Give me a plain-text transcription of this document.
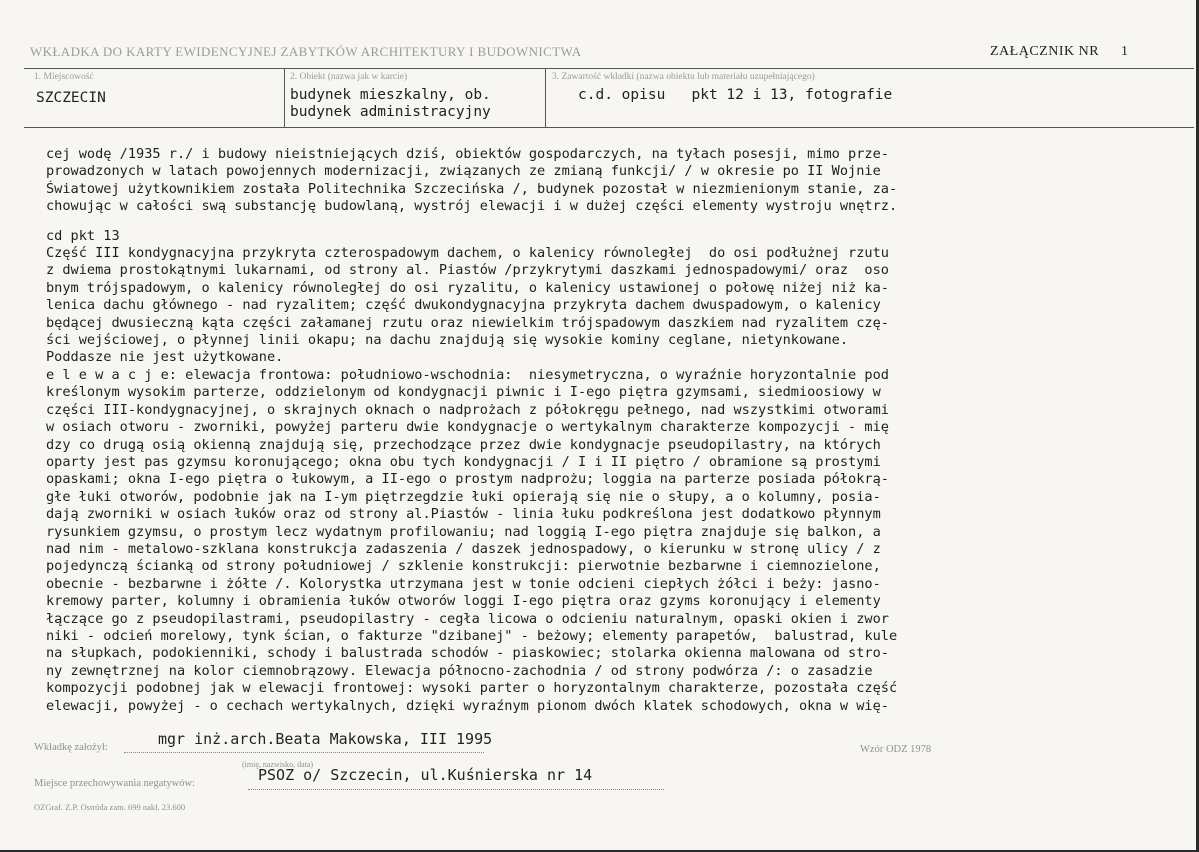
WKŁADKA DO KARTY EWIDENCYJNEJ ZABYTKÓW ARCHITEKTURY I BUDOWNICTWA	ZAŁĄCZNIK NR 1
1. Miejscowość
SZCZECIN
2. Obiekt (nazwa jak w karcie)
budynek mieszkalny, ob.
budynek administracyjny
3. Zawartość wkładki (nazwa obiektu lub materiału uzupełniającego)
c.d. opisu   pkt 12 i 13, fotografie

cej wodę /1935 r./ i budowy nieistniejących dziś, obiektów gospodarczych, na tyłach posesji, mimo prze-

prowadzonych w latach powojennych modernizacji, związanych ze zmianą funkcji/ / w okresie po II Wojnie

Światowej użytkownikiem została Politechnika Szczecińska /, budynek pozostał w niezmienionym stanie, za-

chowując w całości swą substancję budowlaną, wystrój elewacji i w dużej części elementy wystroju wnętrz.

cd pkt 13

Część III kondygnacyjna przykryta czterospadowym dachem, o kalenicy równoległej  do osi podłużnej rzutu

z dwiema prostokątnymi lukarnami, od strony al. Piastów /przykrytymi daszkami jednospadowymi/ oraz  oso

bnym trójspadowym, o kalenicy równoległej do osi ryzalitu, o kalenicy ustawionej o połowę niżej niż ka-

lenica dachu głównego - nad ryzalitem; część dwukondygnacyjna przykryta dachem dwuspadowym, o kalenicy

będącej dwusieczną kąta części załamanej rzutu oraz niewielkim trójspadowym daszkiem nad ryzalitem czę-

ści wejściowej, o płynnej linii okapu; na dachu znajdują się wysokie kominy ceglane, nietynkowane.

Poddasze nie jest użytkowane.

e l e w a c j e: elewacja frontowa: południowo-wschodnia:  niesymetryczna, o wyraźnie horyzontalnie pod

kreślonym wysokim parterze, oddzielonym od kondygnacji piwnic i I-ego piętra gzymsami, siedmioosiowy w

części III-kondygnacyjnej, o skrajnych oknach o nadprożach z półokręgu pełnego, nad wszystkimi otworami

w osiach otworu - zworniki, powyżej parteru dwie kondygnacje o wertykalnym charakterze kompozycji - mię

dzy co drugą osią okienną znajdują się, przechodzące przez dwie kondygnacje pseudopilastry, na których

oparty jest pas gzymsu koronującego; okna obu tych kondygnacji / I i II piętro / obramione są prostymi

opaskami; okna I-ego piętra o łukowym, a II-ego o prostym nadprożu; loggia na parterze posiada półokrą-

głe łuki otworów, podobnie jak na I-ym piętrzegdzie łuki opierają się nie o słupy, a o kolumny, posia-

dają zworniki w osiach łuków oraz od strony al.Piastów - linia łuku podkreślona jest dodatkowo płynnym

rysunkiem gzymsu, o prostym lecz wydatnym profilowaniu; nad loggią I-ego piętra znajduje się balkon, a

nad nim - metalowo-szklana konstrukcja zadaszenia / daszek jednospadowy, o kierunku w stronę ulicy / z

pojedynczą ścianką od strony południowej / szklenie konstrukcji: pierwotnie bezbarwne i ciemnozielone,

obecnie - bezbarwne i żółte /. Kolorystka utrzymana jest w tonie odcieni ciepłych żółci i beży: jasno-

kremowy parter, kolumny i obramienia łuków otworów loggi I-ego piętra oraz gzyms koronujący i elementy

łączące go z pseudopilastrami, pseudopilastry - cegła licowa o odcieniu naturalnym, opaski okien i zwor

niki - odcień morelowy, tynk ścian, o fakturze "dzibanej" - beżowy; elementy parapetów,  balustrad, kule

na słupkach, podokienniki, schody i balustrada schodów - piaskowiec; stolarka okienna malowana od stro-

ny zewnętrznej na kolor ciemnobrązowy. Elewacja północno-zachodnia / od strony podwórza /: o zasadzie

kompozycji podobnej jak w elewacji frontowej: wysoki parter o horyzontalnym charakterze, pozostała część

elewacji, powyżej - o cechach wertykalnych, dzięki wyraźnym pionom dwóch klatek schodowych, okna w wię-

Wkładkę założył:	mgr inż.arch.Beata Makowska, III 1995
(imię, nazwisko, data)
Wzór ODZ 1978
Miejsce przechowywania negatywów:	PSOZ o/ Szczecin, ul.Kuśnierska nr 14
OZGraf. Z.P. Ostróda zam. 699 nakł. 23.600
